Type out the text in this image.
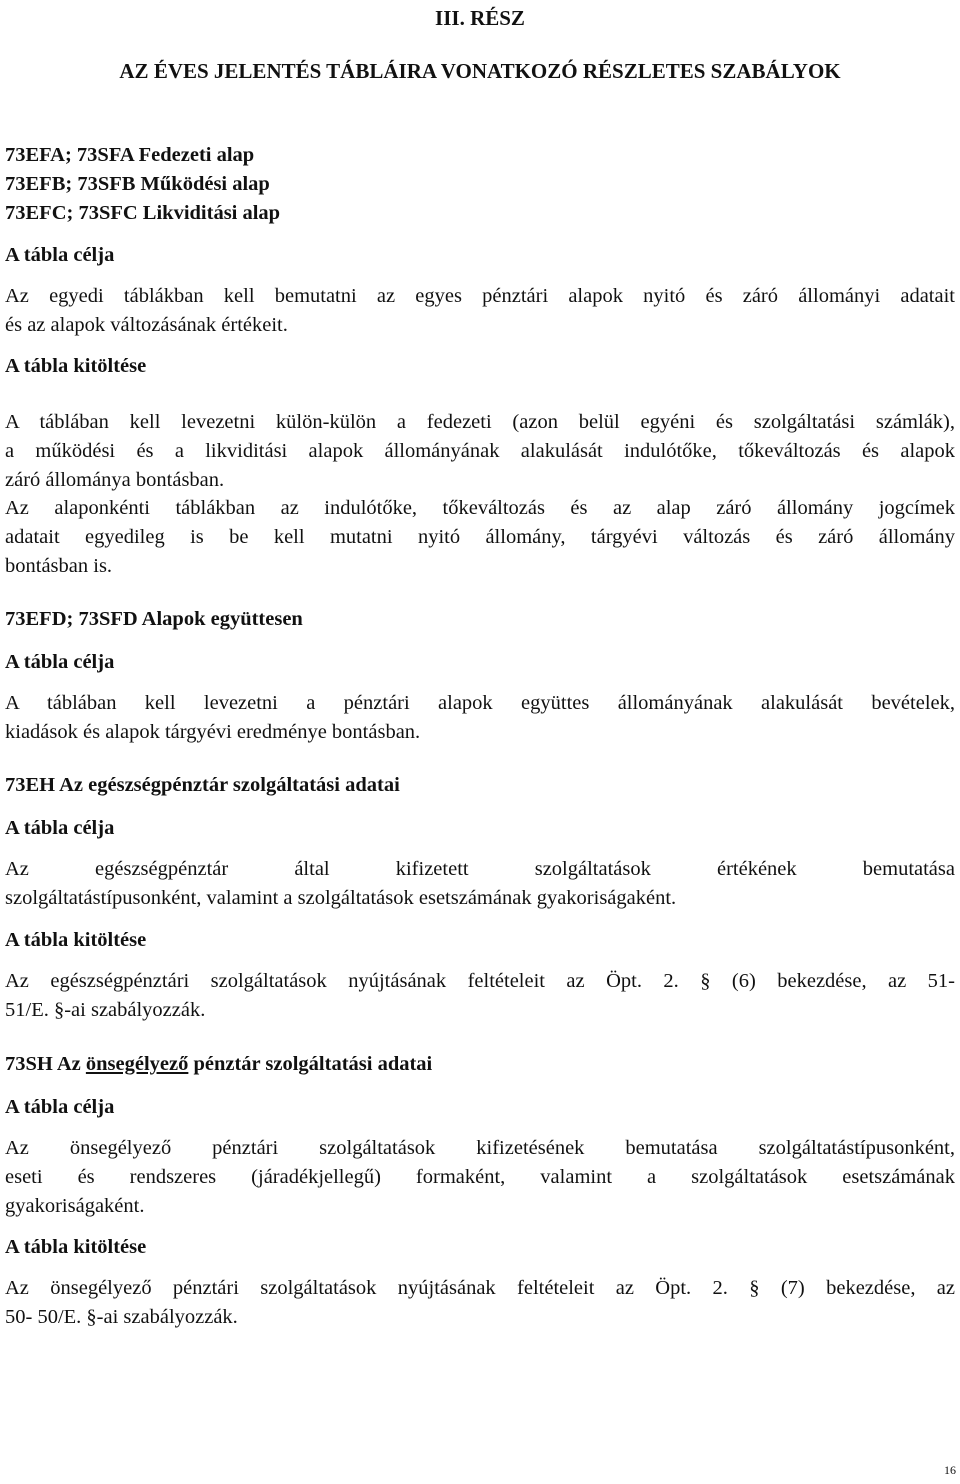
III. RÉSZ
AZ ÉVES JELENTÉS TÁBLÁIRA VONATKOZÓ RÉSZLETES SZABÁLYOK
73EFA; 73SFA Fedezeti alap
73EFB; 73SFB Működési alap
73EFC; 73SFC Likviditási alap
A tábla célja
Az egyedi táblákban kell bemutatni az egyes pénztári alapok nyitó és záró állományi adatait
és az alapok változásának értékeit.
A tábla kitöltése
A táblában kell levezetni külön-külön a fedezeti (azon belül egyéni és szolgáltatási számlák),
a működési és a likviditási alapok állományának alakulását indulótőke, tőkeváltozás és alapok
záró állománya bontásban.
Az alaponkénti táblákban az indulótőke, tőkeváltozás és az alap záró állomány jogcímek
adatait egyedileg is be kell mutatni nyitó állomány, tárgyévi változás és záró állomány
bontásban is.
73EFD; 73SFD Alapok együttesen
A tábla célja
A táblában kell levezetni a pénztári alapok együttes állományának alakulását bevételek,
kiadások és alapok tárgyévi eredménye bontásban.
73EH Az egészségpénztár szolgáltatási adatai
A tábla célja
Az egészségpénztár által kifizetett szolgáltatások értékének bemutatása
szolgáltatástípusonként, valamint a szolgáltatások esetszámának gyakoriságaként.
A tábla kitöltése
Az egészségpénztári szolgáltatások nyújtásának feltételeit az Öpt. 2. § (6) bekezdése, az 51-
51/E. §-ai szabályozzák.
73SH Az önsegélyező pénztár szolgáltatási adatai
A tábla célja
Az önsegélyező pénztári szolgáltatások kifizetésének bemutatása szolgáltatástípusonként,
eseti és rendszeres (járadékjellegű) formaként, valamint a szolgáltatások esetszámának
gyakoriságaként.
A tábla kitöltése
Az önsegélyező pénztári szolgáltatások nyújtásának feltételeit az Öpt. 2. § (7) bekezdése, az
50- 50/E. §-ai szabályozzák.
16
